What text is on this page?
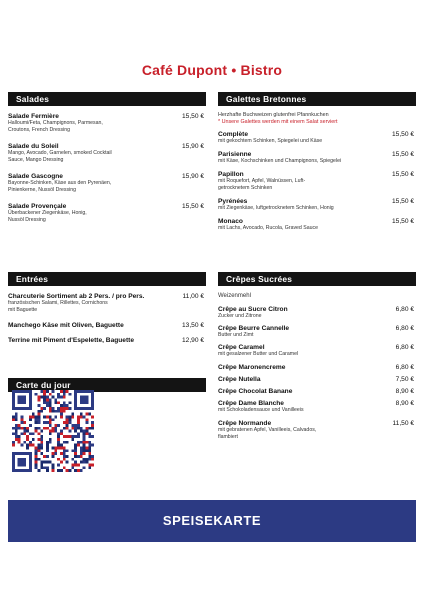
Café Dupont • Bistro
Salades
Salade Fermière	15,50 €
Halloumi/Feta, Champignons, Parmesan,
Croutons, French Dressing
Salade du Soleil	15,90 €
Mango, Avocado, Garnelen, smoked Cocktail
Sauce, Mango Dressing
Salade Gascogne	15,90 €
Bayonne-Schinken, Käse aus den Pyrenäen,
Pinienkerne, Nussöl Dressing
Salade Provençale	15,50 €
Überbackener Ziegenkäse, Honig,
Nussöl Dressing
Entrées
Charcuterie Sortiment ab 2 Pers. / pro Pers.	11,00 €
französischen Salami, Rillettes, Cornichons
mit Baguette
Manchego Käse mit Oliven, Baguette	13,50 €
Terrine mit Piment d'Espelette, Baguette	12,90 €
Carte du jour
Galettes Bretonnes
Herzhafte Buchweizen glutenfrei Pfannkuchen
* Unsere Galettes werden mit einem Salat serviert
Complète	15,50 €
mit gekochtem Schinken, Spiegelei und Käse
Parisienne	15,50 €
mit Käse, Kochschinken und Champignons, Spiegelei
Papillon	15,50 €
mit Roquefort, Apfel, Walnüssen, Luft-
getrocknetem Schinken
Pyrénées	15,50 €
mit Ziegenkäse, luftgetrocknetem Schinken, Honig
Monaco	15,50 €
mit Lachs, Avocado, Rucola, Graved Sauce
Crêpes Sucrées
Weizenmehl
Crêpe au Sucre Citron	6,80 €
Zucker und Zitrone
Crêpe Beurre Cannelle	6,80 €
Butter und Zimt
Crêpe Caramel	6,80 €
mit gesalzener Butter und Caramel
Crêpe Maronencreme	6,80 €
Crêpe Nutella	7,50 €
Crêpe Chocolat Banane	8,90 €
Crêpe Dame Blanche	8,90 €
mit Schokoladensauce und Vanilleeis
Crêpe Normande	11,50 €
mit gebratenen Apfel, Vanilleeis, Calvados,
flambiert
SPEISEKARTE
